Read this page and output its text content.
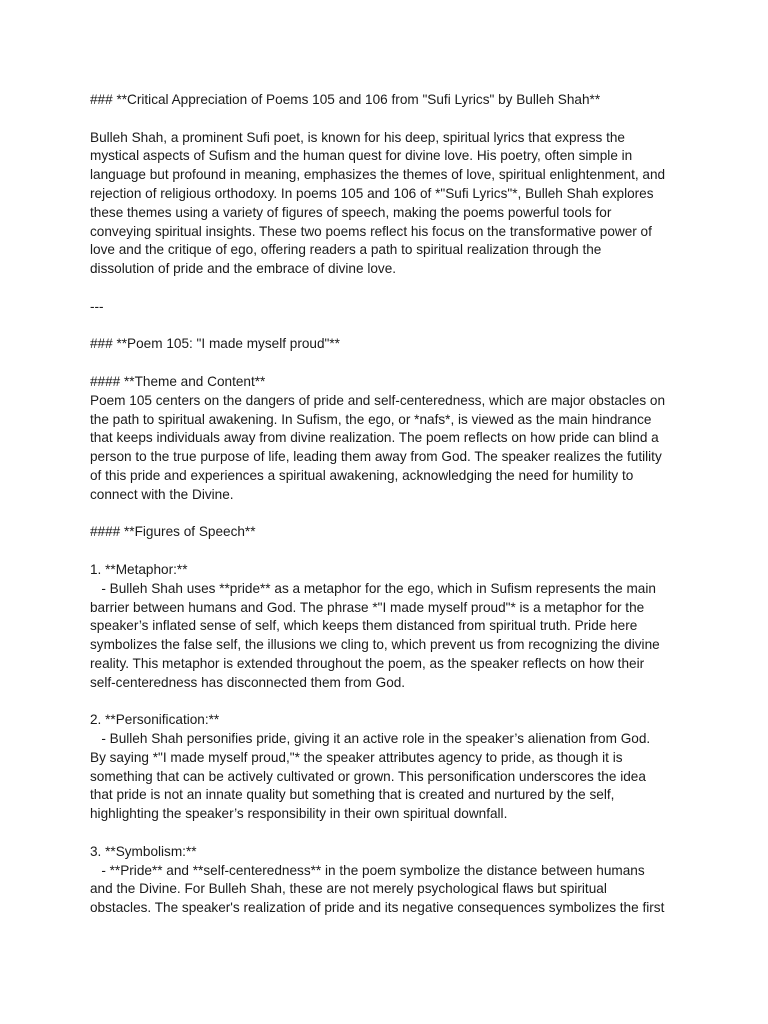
### **Critical Appreciation of Poems 105 and 106 from "Sufi Lyrics" by Bulleh Shah**
Bulleh Shah, a prominent Sufi poet, is known for his deep, spiritual lyrics that express the
mystical aspects of Sufism and the human quest for divine love. His poetry, often simple in
language but profound in meaning, emphasizes the themes of love, spiritual enlightenment, and
rejection of religious orthodoxy. In poems 105 and 106 of *"Sufi Lyrics"*, Bulleh Shah explores
these themes using a variety of figures of speech, making the poems powerful tools for
conveying spiritual insights. These two poems reflect his focus on the transformative power of
love and the critique of ego, offering readers a path to spiritual realization through the
dissolution of pride and the embrace of divine love.
---
### **Poem 105: "I made myself proud"**
#### **Theme and Content**
Poem 105 centers on the dangers of pride and self-centeredness, which are major obstacles on
the path to spiritual awakening. In Sufism, the ego, or *nafs*, is viewed as the main hindrance
that keeps individuals away from divine realization. The poem reflects on how pride can blind a
person to the true purpose of life, leading them away from God. The speaker realizes the futility
of this pride and experiences a spiritual awakening, acknowledging the need for humility to
connect with the Divine.
#### **Figures of Speech**
1. **Metaphor:**
- Bulleh Shah uses **pride** as a metaphor for the ego, which in Sufism represents the main
barrier between humans and God. The phrase *"I made myself proud"* is a metaphor for the
speaker’s inflated sense of self, which keeps them distanced from spiritual truth. Pride here
symbolizes the false self, the illusions we cling to, which prevent us from recognizing the divine
reality. This metaphor is extended throughout the poem, as the speaker reflects on how their
self-centeredness has disconnected them from God.
2. **Personification:**
- Bulleh Shah personifies pride, giving it an active role in the speaker’s alienation from God.
By saying *"I made myself proud,"* the speaker attributes agency to pride, as though it is
something that can be actively cultivated or grown. This personification underscores the idea
that pride is not an innate quality but something that is created and nurtured by the self,
highlighting the speaker’s responsibility in their own spiritual downfall.
3. **Symbolism:**
- **Pride** and **self-centeredness** in the poem symbolize the distance between humans
and the Divine. For Bulleh Shah, these are not merely psychological flaws but spiritual
obstacles. The speaker's realization of pride and its negative consequences symbolizes the first
